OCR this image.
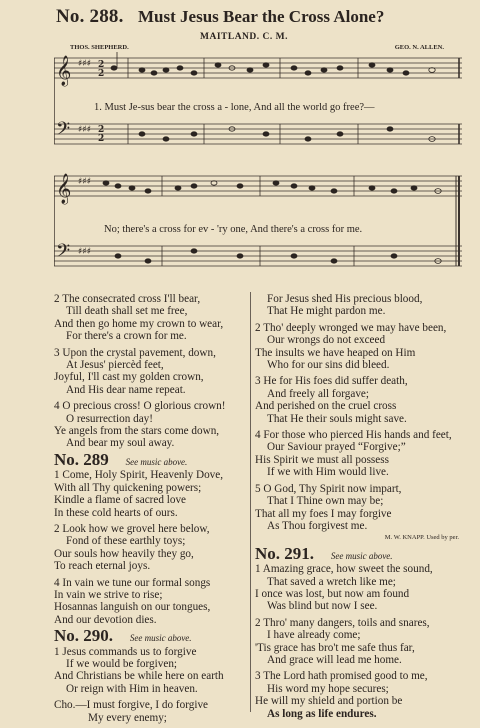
No. 288. Must Jesus Bear the Cross Alone?
MAITLAND. C. M.
THOS. SHEPHERD.	GEO. N. ALLEN.
𝄞
𝄢
♯♯♯
♯♯♯
2
2
2
2
1. Must Je-sus bear the cross a - lone, And all the world go free?—
𝄞
𝄢
♯♯♯
♯♯♯
No; there's a cross for ev - 'ry one, And there's a cross for me.
2 The consecrated cross I'll bear,
Till death shall set me free,
And then go home my crown to wear,
For there's a crown for me.
3 Upon the crystal pavement, down,
At Jesus' piercèd feet,
Joyful, I'll cast my golden crown,
And His dear name repeat.
4 O precious cross! O glorious crown!
O resurrection day!
Ye angels from the stars come down,
And bear my soul away.
No. 289 See music above.
1 Come, Holy Spirit, Heavenly Dove,
With all Thy quickening powers;
Kindle a flame of sacred love
In these cold hearts of ours.
2 Look how we grovel here below,
Fond of these earthly toys;
Our souls how heavily they go,
To reach eternal joys.
4 In vain we tune our formal songs
In vain we strive to rise;
Hosannas languish on our tongues,
And our devotion dies.
No. 290. See music above.
1 Jesus commands us to forgive
If we would be forgiven;
And Christians be while here on earth
Or reign with Him in heaven.
Cho.—I must forgive, I do forgive
My every enemy;
For Jesus shed His precious blood,
That He might pardon me.
2 Tho' deeply wronged we may have been,
Our wrongs do not exceed
The insults we have heaped on Him
Who for our sins did bleed.
3 He for His foes did suffer death,
And freely all forgave;
And perished on the cruel cross
That He their souls might save.
4 For those who pierced His hands and feet,
Our Saviour prayed “Forgive;”
His Spirit we must all possess
If we with Him would live.
5 O God, Thy Spirit now impart,
That I Thine own may be;
That all my foes I may forgive
As Thou forgivest me.
M. W. KNAPP. Used by per.
No. 291. See music above.
1 Amazing grace, how sweet the sound,
That saved a wretch like me;
I once was lost, but now am found
Was blind but now I see.
2 Thro' many dangers, toils and snares,
I have already come;
'Tis grace has bro't me safe thus far,
And grace will lead me home.
3 The Lord hath promised good to me,
His word my hope secures;
He will my shield and portion be
As long as life endures.
